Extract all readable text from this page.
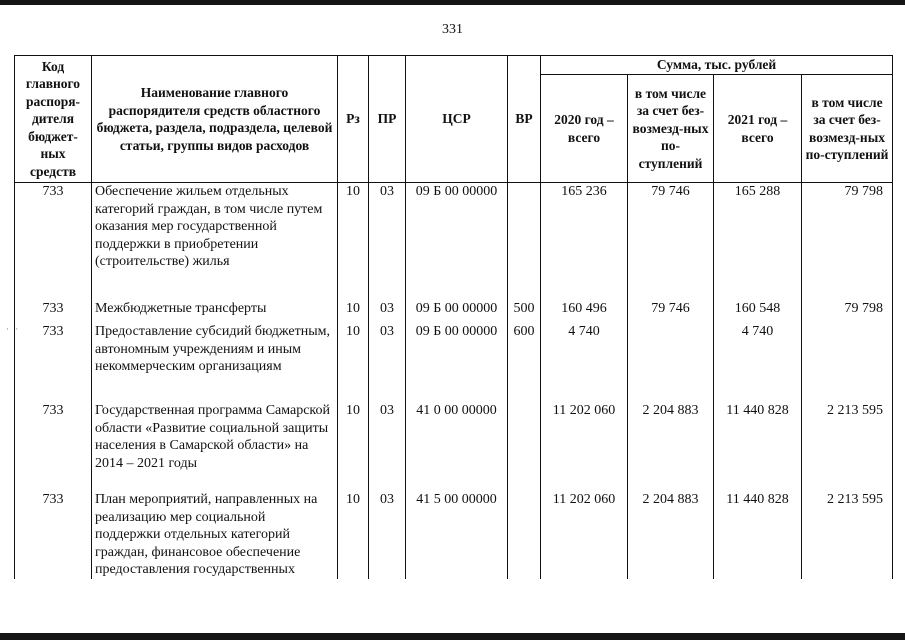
331
· ·
Код главного распоря-дителя бюджет-ных средств	Наименование главного распорядителя средств областного бюджета, раздела, подраздела, целевой статьи, группы видов расходов	Рз	ПР	ЦСР	ВР	Сумма, тыс. рублей			
						2020 год – всего	в том числе за счет без-возмезд-ных по-ступлений	2021 год – всего	в том числе за счет без-возмезд-ных по-ступлений
733	Обеспечение жильем отдельных категорий граждан, в том числе путем оказания мер государственной поддержки в приобретении (строительстве) жилья	10	03	09 Б 00 00000		165 236	79 746	165 288	79 798
733	Межбюджетные трансферты	10	03	09 Б 00 00000	500	160 496	79 746	160 548	79 798
733	Предоставление субсидий бюджетным, автономным учреждениям и иным некоммерческим организациям	10	03	09 Б 00 00000	600	4 740		4 740	
733	Государственная программа Самарской области «Развитие социальной защиты населения в Самарской области» на 2014 – 2021 годы	10	03	41 0 00 00000		11 202 060	2 204 883	11 440 828	2 213 595
733	План мероприятий, направленных на реализацию мер социальной поддержки отдельных категорий граждан, финансовое обеспечение предоставления государственных	10	03	41 5 00 00000		11 202 060	2 204 883	11 440 828	2 213 595
